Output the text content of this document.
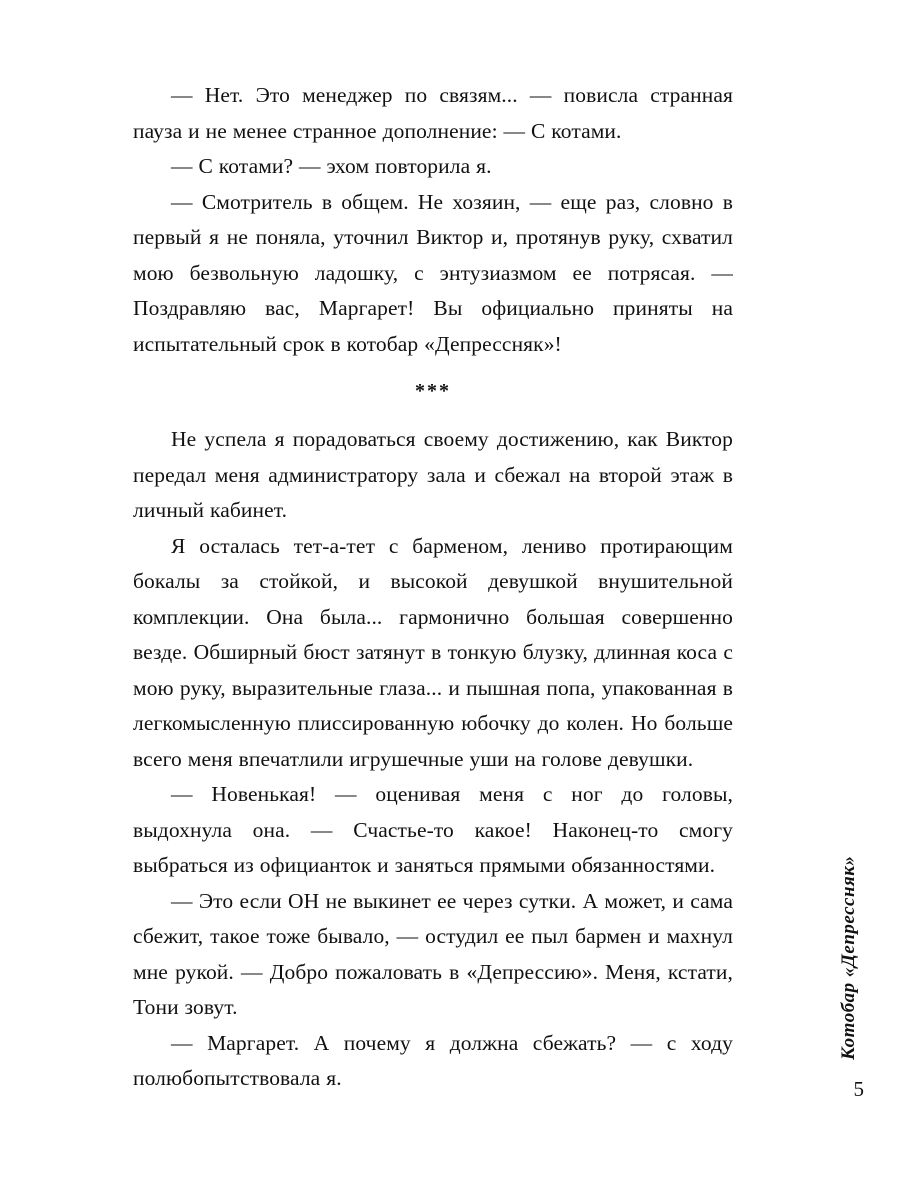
— Нет. Это менеджер по связям... — повисла странная пауза и не менее странное дополнение: — С котами.

— С котами? — эхом повторила я.

— Смотритель в общем. Не хозяин, — еще раз, словно в первый я не поняла, уточнил Виктор и, протянув руку, схватил мою безвольную ладошку, с энтузиазмом ее потрясая. — Поздравляю вас, Маргарет! Вы официально приняты на испытательный срок в котобар «Депрессняк»!

***

Не успела я порадоваться своему достижению, как Виктор передал меня администратору зала и сбежал на второй этаж в личный кабинет.

Я осталась тет-а-тет с барменом, лениво протирающим бокалы за стойкой, и высокой девушкой внушительной комплекции. Она была... гармонично большая совершенно везде. Обширный бюст затянут в тонкую блузку, длинная коса с мою руку, выразительные глаза... и пышная попа, упакованная в легкомысленную плиссированную юбочку до колен. Но больше всего меня впечатлили игрушечные уши на голове девушки.

— Новенькая! — оценивая меня с ног до головы, выдохнула она. — Счастье-то какое! Наконец-то смогу выбраться из официанток и заняться прямыми обязанностями.

— Это если ОН не выкинет ее через сутки. А может, и сама сбежит, такое тоже бывало, — остудил ее пыл бармен и махнул мне рукой. — Добро пожаловать в «Депрессию». Меня, кстати, Тони зовут.

— Маргарет. А почему я должна сбежать? — с ходу полюбопытствовала я.

Котобар «Депрессняк»
5
